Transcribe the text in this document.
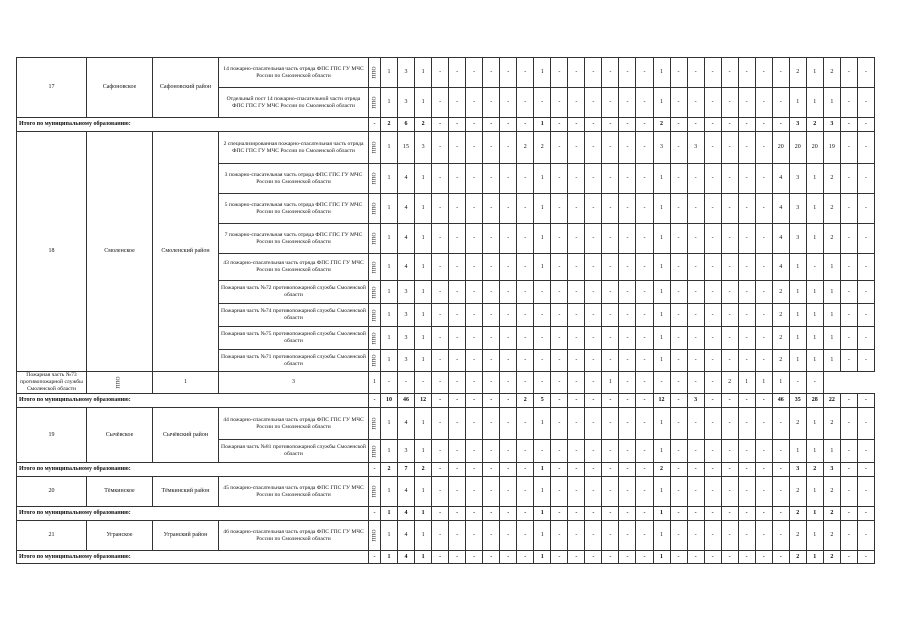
17	Сафоновское	Сафоновский район	14 пожарно-спасательная часть отряда ФПС ГПС ГУ МЧС России по Смоленской области	ППО	1	3	1	-	-	-	-	-	-	1	-	-	-	-	-	-	1	-	-	-	-	-	-	-	2	1	2	-	-
			Отдельный пост 14 пожарно-спасательной части отряда ФПС ГПС ГУ МЧС России по Смоленской области	ППО	1	3	1	-	-	-	-	-	-	-	-	-	-	-	-	-	1	-	-	-	-	-	-	-	1	1	1	-	-
Итого по муниципальному образованию:				-	2	6	2	-	-	-	-	-	-	1	-	-	-	-	-	-	2	-	-	-	-	-	-	-	3	2	3	-	-
18	Смоленское	Смоленский район	2 специализированная пожарно-спасательная часть отряда ФПС ГПС ГУ МЧС России по Смоленской области	ППО	1	15	3	-	-	-	-	-	2	2	-	-	-	-	-	-	3	-	3	-	-	-	-	20	20	20	19	-	-
			3 пожарно-спасательная часть отряда ФПС ГПС ГУ МЧС России по Смоленской области	ППО	1	4	1	-	-	-	-	-	-	1	-	-	-	-	-	-	1	-	-	-	-	-	-	4	3	1	2	-	-
			5 пожарно-спасательная часть отряда ФПС ГПС ГУ МЧС России по Смоленской области	ППО	1	4	1	-	-	-	-	-	-	1	-	-	-	-	-	-	1	-	-	-	-	-	-	4	3	1	2	-	-
			7 пожарно-спасательная часть отряда ФПС ГПС ГУ МЧС России по Смоленской области	ППО	1	4	1	-	-	-	-	-	-	1	-	-	-	-	-	-	1	-	-	-	-	-	-	4	3	1	2	-	-
			43 пожарно-спасательная часть отряда ФПС ГПС ГУ МЧС России по Смоленской области	ППО	1	4	1	-	-	-	-	-	-	1	-	-	-	-	-	-	1	-	-	-	-	-	-	4	1	-	1	-	-
			Пожарная часть №72 противопожарной службы Смоленской области	ППО	1	3	1	-	-	-	-	-	-	-	-	-	-	-	-	-	1	-	-	-	-	-	-	2	1	1	1	-	-
			Пожарная часть №74 противопожарной службы Смоленской области	ППО	1	3	1	-	-	-	-	-	-	-	-	-	-	-	-	-	1	-	-	-	-	-	-	2	1	1	1	-	-
			Пожарная часть №75 противопожарной службы Смоленской области	ППО	1	3	1	-	-	-	-	-	-	-	-	-	-	-	-	-	1	-	-	-	-	-	-	2	1	1	1	-	-
			Пожарная часть №71 противопожарной службы Смоленской области	ППО	1	3	1	-	-	-	-	-	-	-	-	-	-	-	-	-	1	-	-	-	-	-	-	2	1	1	1	-	-
Пожарная часть №73 противопожарной службы Смоленской области	ППО	1	3	1	-	-	-	-	-	-	-	-	-	-	-	-	-	1	-	-	-	-	-	-	2	1	1	1	-	-			
Итого по муниципальному образованию:				-	10	46	12	-	-	-	-	-	2	5	-	-	-	-	-	-	12	-	3	-	-	-	-	46	35	28	22	-	-
19	Сычёвское	Сычёвский район	44 пожарно-спасательная часть отряда ФПС ГПС ГУ МЧС России по Смоленской области	ППО	1	4	1	-	-	-	-	-	-	1	-	-	-	-	-	-	1	-	-	-	-	-	-	-	2	1	2	-	-
			Пожарная часть №81 противопожарной службы Смоленской области	ППО	1	3	1	-	-	-	-	-	-	-	-	-	-	-	-	-	1	-	-	-	-	-	-	-	1	1	1	-	-
Итого по муниципальному образованию:				-	2	7	2	-	-	-	-	-	-	1	-	-	-	-	-	-	2	-	-	-	-	-	-	-	3	2	3	-	-
20	Тёмкинское	Тёмкинский район	45 пожарно-спасательная часть отряда ФПС ГПС ГУ МЧС России по Смоленской области	ППО	1	4	1	-	-	-	-	-	-	1	-	-	-	-	-	-	1	-	-	-	-	-	-	-	2	1	2	-	-
Итого по муниципальному образованию:				-	1	4	1	-	-	-	-	-	-	1	-	-	-	-	-	-	1	-	-	-	-	-	-	-	2	1	2	-	-
21	Угранское	Угранский район	46 пожарно-спасательная часть отряда ФПС ГПС ГУ МЧС России по Смоленской области	ППО	1	4	1	-	-	-	-	-	-	1	-	-	-	-	-	-	1	-	-	-	-	-	-	-	2	1	2	-	-
Итого по муниципальному образованию:				-	1	4	1	-	-	-	-	-	-	1	-	-	-	-	-	-	1	-	-	-	-	-	-	-	2	1	2	-	-
